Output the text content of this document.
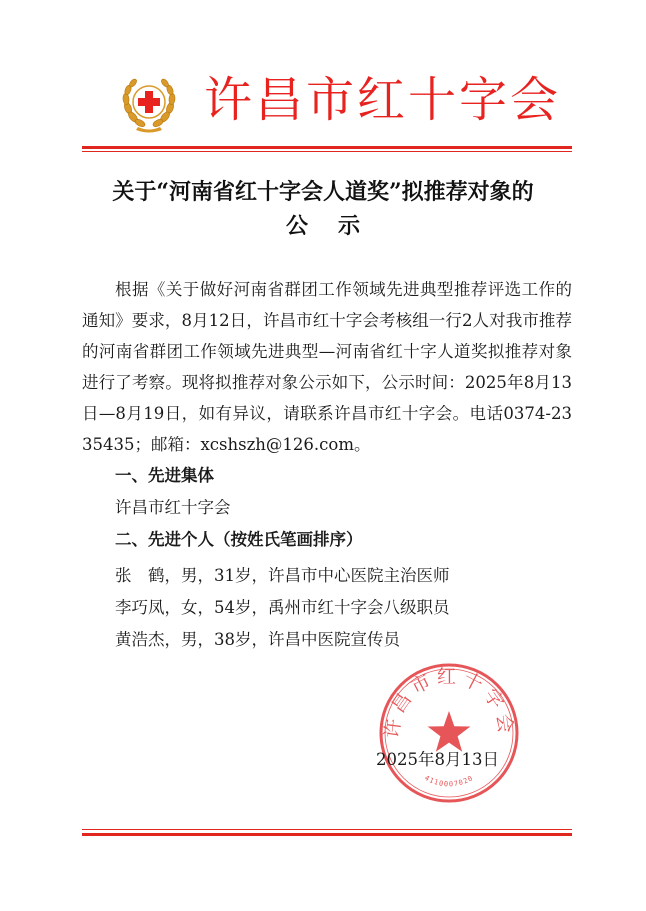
许昌市红十字会
关于“河南省红十字会人道奖”拟推荐对象的
公示
根据《关于做好河南省群团工作领域先进典型推荐评选工作的通知》要求，8月12日，许昌市红十字会考核组一行2人对我市推荐的河南省群团工作领域先进典型—河南省红十字人道奖拟推荐对象进行了考察。现将拟推荐对象公示如下，公示时间：2025年8月13日—8月19日，如有异议，请联系许昌市红十字会。电话0374-2335435；邮箱：xcshszh@126.com。
一、先进集体
许昌市红十字会
二、先进个人（按姓氏笔画排序）
张　鹤，男，31岁，许昌市中心医院主治医师
李巧凤，女，54岁，禹州市红十字会八级职员
黄浩杰，男，38岁，许昌中医院宣传员
许昌市红十字会
4110007020
2025年8月13日
